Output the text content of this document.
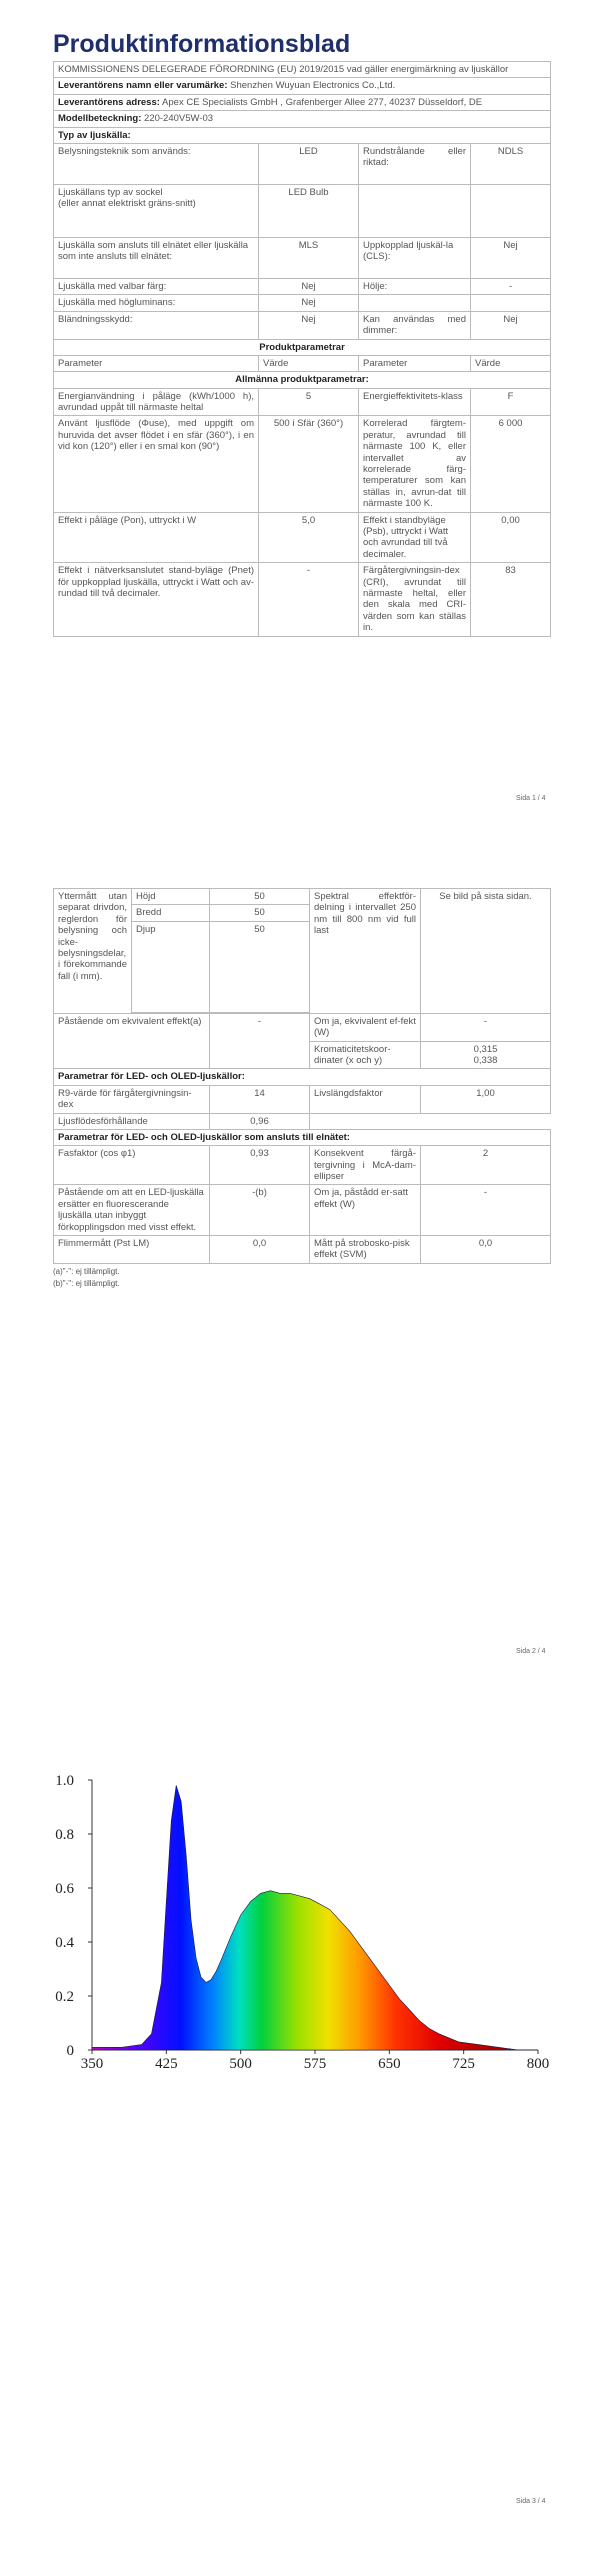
Produktinformationsblad
KOMMISSIONENS DELEGERADE FÖRORDNING (EU) 2019/2015 vad gäller energimärkning av ljuskällor			
Leverantörens namn eller varumärke: Shenzhen Wuyuan Electronics Co.,Ltd.			
Leverantörens adress: Apex CE Specialists GmbH , Grafenberger Allee 277, 40237 Düsseldorf, DE			
Modellbeteckning: 220-240V5W-03			
Typ av ljuskälla:			
Belysningsteknik som används:	LED	Rundstrålande eller riktad:	NDLS
Ljuskällans typ av sockel
(eller annat elektriskt gräns-snitt)	LED Bulb		
Ljuskälla som ansluts till elnätet eller ljuskälla som inte ansluts till elnätet:	MLS	Uppkopplad ljuskäl-la (CLS):	Nej
Ljuskälla med valbar färg:	Nej	Hölje:	-
Ljuskälla med högluminans:	Nej		
Bländningsskydd:	Nej	Kan användas med dimmer:	Nej
Produktparametrar			
Parameter	Värde	Parameter	Värde
Allmänna produktparametrar:			
Energianvändning i påläge (kWh/1000 h), avrundad uppåt till närmaste heltal	5	Energieffektivitets-klass	F
Använt ljusflöde (Φuse), med uppgift om huruvida det avser flödet i en sfär (360°), i en vid kon (120°) eller i en smal kon (90°)	500 i Sfär (360°)	Korrelerad färgtem-peratur, avrundad till närmaste 100 K, eller intervallet av korrelerade färg-temperaturer som kan ställas in, avrun-dat till närmaste 100 K.	6 000
Effekt i påläge (Pon), uttryckt i W	5,0	Effekt i standbyläge (Psb), uttryckt i Watt och avrundad till två decimaler.	0,00
Effekt i nätverksanslutet stand-byläge (Pnet) för uppkopplad ljuskälla, uttryckt i Watt och av-rundad till två decimaler.	-	Färgåtergivningsin-dex (CRI), avrundat till närmaste heltal, eller den skala med CRI-värden som kan ställas in.	83
Sida 1 / 4
Yttermått utan separat drivdon, reglerdon för belysning och icke-belysningsdelar, i förekommande fall (i mm).	Höjd	50	Spektral effektför-delning i intervallet 250 nm till 800 nm vid full last	Se bild på sista sidan.
	Bredd	50		
	Djup	50		

Påstående om ekvivalent effekt(a)		-	Om ja, ekvivalent ef-fekt (W)	-
			Kromaticitetskoor-dinater (x och y)	0,315
0,338

Parametrar för LED- och OLED-ljuskällor:				
R9-värde för färgåtergivningsin-dex		14	Livslängdsfaktor	1,00
Ljusflödesförhållande		0,96		
Parametrar för LED- och OLED-ljuskällor som ansluts till elnätet:				
Fasfaktor (cos φ1)		0,93	Konsekvent färgå-tergivning i McA-dam-ellipser	2
Påstående om att en LED-ljuskälla ersätter en fluorescerande ljuskälla utan inbyggt förkopplingsdon med visst effekt.		-(b)	Om ja, påstådd er-satt effekt (W)	-
Flimmermått (Pst LM)		0,0	Mått på strobosko-pisk effekt (SVM)	0,0
(a)"-": ej tillämpligt.
(b)"-": ej tillämpligt.
Sida 2 / 4
350	425	500	575	650	725	800
0
0.2
0.4
0.6
0.8
1.0
Sida 3 / 4
